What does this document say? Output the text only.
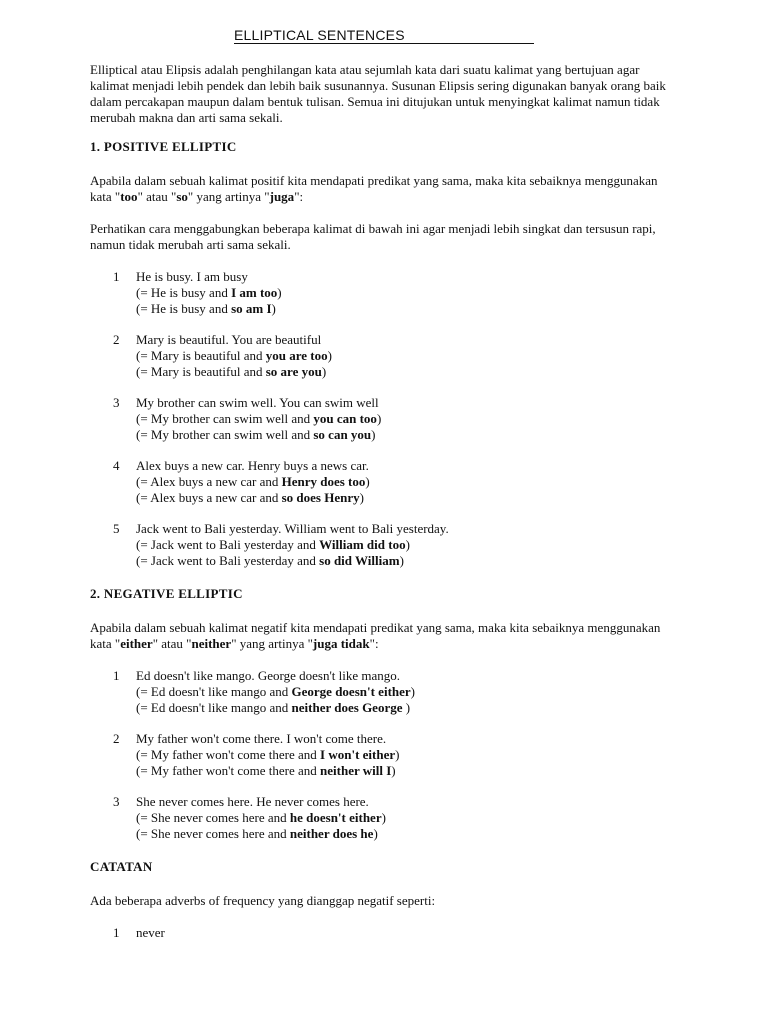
ELLIPTICAL SENTENCES

Elliptical atau Elipsis adalah penghilangan kata atau sejumlah kata dari suatu kalimat yang bertujuan agar kalimat menjadi lebih pendek dan lebih baik susunannya. Susunan Elipsis sering digunakan banyak orang baik dalam percakapan maupun dalam bentuk tulisan. Semua ini ditujukan untuk menyingkat kalimat namun tidak merubah makna dan arti sama sekali.

1. POSITIVE ELLIPTIC

Apabila dalam sebuah kalimat positif kita mendapati predikat yang sama, maka kita sebaiknya menggunakan kata "too" atau "so" yang artinya "juga":

Perhatikan cara menggabungkan beberapa kalimat di bawah ini agar menjadi lebih singkat dan tersusun rapi, namun tidak merubah arti sama sekali.

1 He is busy. I am busy
(= He is busy and I am too)
(= He is busy and so am I)
2 Mary is beautiful. You are beautiful
(= Mary is beautiful and you are too)
(= Mary is beautiful and so are you)
3 My brother can swim well. You can swim well
(= My brother can swim well and you can too)
(= My brother can swim well and so can you)
4 Alex buys a new car. Henry buys a news car.
(= Alex buys a new car and Henry does too)
(= Alex buys a new car and so does Henry)
5 Jack went to Bali yesterday. William went to Bali yesterday.
(= Jack went to Bali yesterday and William did too)
(= Jack went to Bali yesterday and so did William)

2. NEGATIVE ELLIPTIC

Apabila dalam sebuah kalimat negatif kita mendapati predikat yang sama, maka kita sebaiknya menggunakan kata "either" atau "neither" yang artinya "juga tidak":

1 Ed doesn't like mango. George doesn't like mango.
(= Ed doesn't like mango and George doesn't either)
(= Ed doesn't like mango and neither does George )
2 My father won't come there. I won't come there.
(= My father won't come there and I won't either)
(= My father won't come there and neither will I)
3 She never comes here. He never comes here.
(= She never comes here and he doesn't either)
(= She never comes here and neither does he)

CATATAN

Ada beberapa adverbs of frequency yang dianggap negatif seperti:

1 never
